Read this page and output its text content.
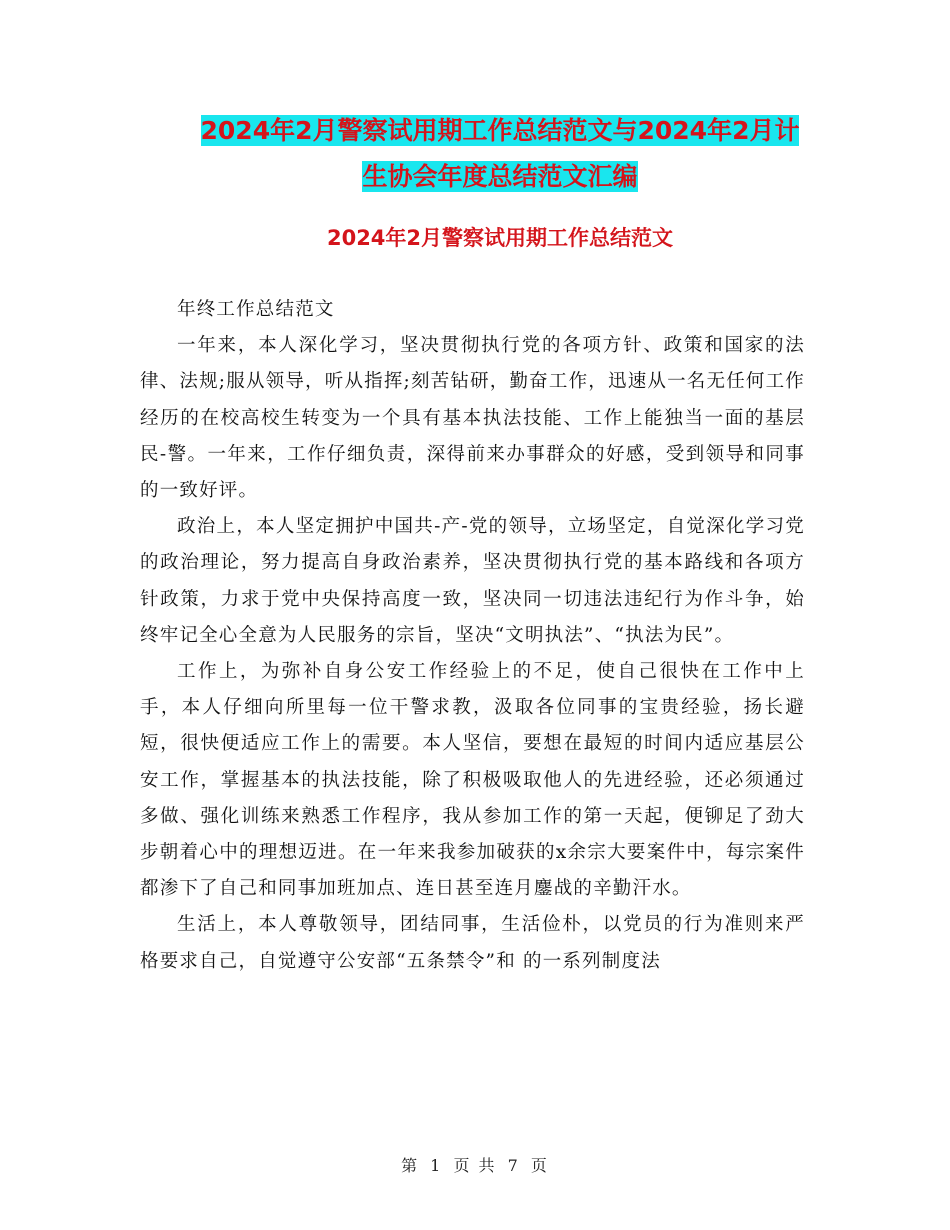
2024年2月警察试用期工作总结范文与2024年2月计
生协会年度总结范文汇编
2024年2月警察试用期工作总结范文

年终工作总结范文

一年来，本人深化学习，坚决贯彻执行党的各项方针、政策和国家的法律、法规;服从领导，听从指挥;刻苦钻研，勤奋工作，迅速从一名无任何工作经历的在校高校生转变为一个具有基本执法技能、工作上能独当一面的基层民-警。一年来，工作仔细负责，深得前来办事群众的好感，受到领导和同事的一致好评。

政治上，本人坚定拥护中国共-产-党的领导，立场坚定，自觉深化学习党的政治理论，努力提高自身政治素养，坚决贯彻执行党的基本路线和各项方针政策，力求于党中央保持高度一致，坚决同一切违法违纪行为作斗争，始终牢记全心全意为人民服务的宗旨，坚决“文明执法”、“执法为民”。

工作上，为弥补自身公安工作经验上的不足，使自己很快在工作中上手，本人仔细向所里每一位干警求教，汲取各位同事的宝贵经验，扬长避短，很快便适应工作上的需要。本人坚信，要想在最短的时间内适应基层公安工作，掌握基本的执法技能，除了积极吸取他人的先进经验，还必须通过多做、强化训练来熟悉工作程序，我从参加工作的第一天起，便铆足了劲大步朝着心中的理想迈进。在一年来我参加破获的x余宗大要案件中，每宗案件都渗下了自己和同事加班加点、连日甚至连月鏖战的辛勤汗水。

生活上，本人尊敬领导，团结同事，生活俭朴，以党员的行为准则来严格要求自己，自觉遵守公安部“五条禁令”和 的一系列制度法

第 1 页 共 7 页
